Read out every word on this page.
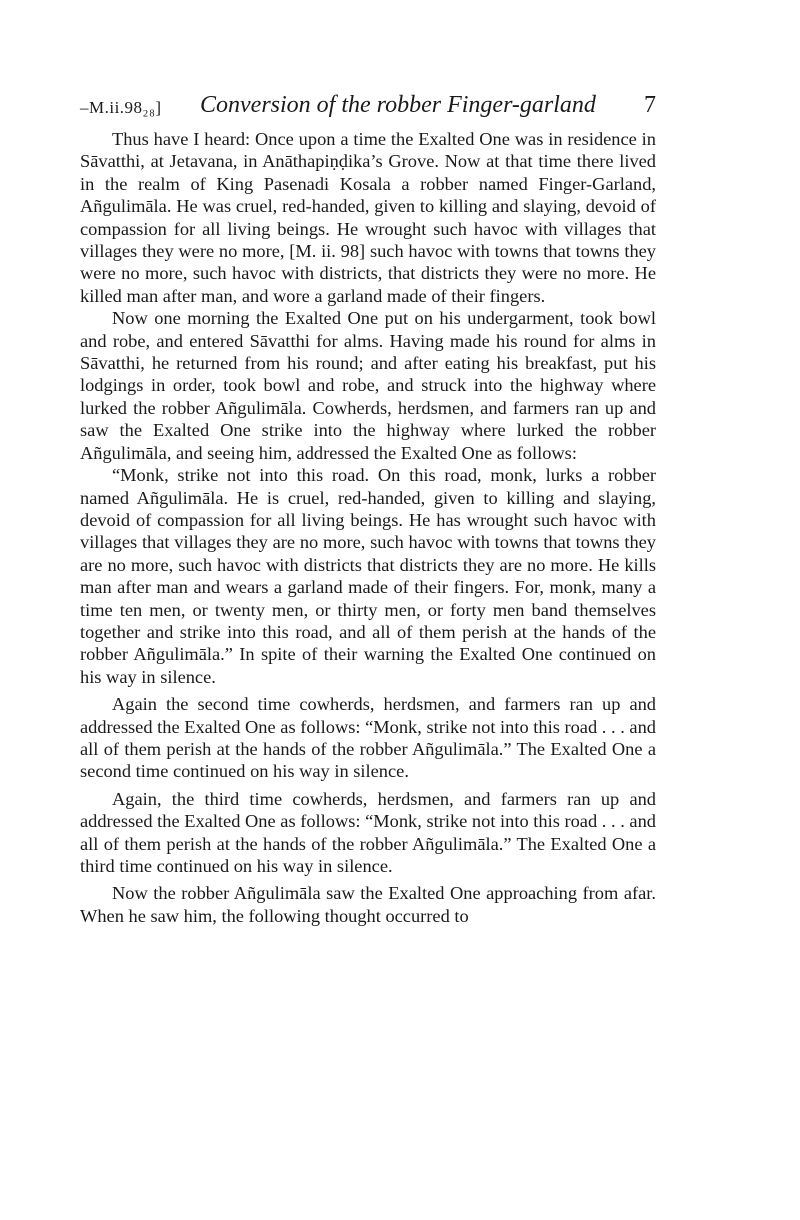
–M.ii.98₂₈] Conversion of the robber Finger-garland 7

Thus have I heard: Once upon a time the Exalted One was in residence in Sāvatthi, at Jetavana, in Anāthapiṇḍika’s Grove. Now at that time there lived in the realm of King Pasenadi Kosala a robber named Finger-Garland, Añgulimāla. He was cruel, red-handed, given to killing and slaying, devoid of compassion for all living beings. He wrought such havoc with villages that villages they were no more, [M. ii. 98] such havoc with towns that towns they were no more, such havoc with districts, that districts they were no more. He killed man after man, and wore a garland made of their fingers.

Now one morning the Exalted One put on his undergarment, took bowl and robe, and entered Sāvatthi for alms. Having made his round for alms in Sāvatthi, he returned from his round; and after eating his breakfast, put his lodgings in order, took bowl and robe, and struck into the highway where lurked the robber Añgulimāla. Cowherds, herdsmen, and farmers ran up and saw the Exalted One strike into the highway where lurked the robber Añgulimāla, and seeing him, addressed the Exalted One as follows:

“Monk, strike not into this road. On this road, monk, lurks a robber named Añgulimāla. He is cruel, red-handed, given to killing and slaying, devoid of compassion for all living beings. He has wrought such havoc with villages that villages they are no more, such havoc with towns that towns they are no more, such havoc with districts that districts they are no more. He kills man after man and wears a garland made of their fingers. For, monk, many a time ten men, or twenty men, or thirty men, or forty men band themselves together and strike into this road, and all of them perish at the hands of the robber Añgulimāla.” In spite of their warning the Exalted One continued on his way in silence.

Again the second time cowherds, herdsmen, and farmers ran up and addressed the Exalted One as follows: “Monk, strike not into this road . . . and all of them perish at the hands of the robber Añgulimāla.” The Exalted One a second time continued on his way in silence.

Again, the third time cowherds, herdsmen, and farmers ran up and addressed the Exalted One as follows: “Monk, strike not into this road . . . and all of them perish at the hands of the robber Añgulimāla.” The Exalted One a third time continued on his way in silence.

Now the robber Añgulimāla saw the Exalted One approaching from afar. When he saw him, the following thought occurred to
